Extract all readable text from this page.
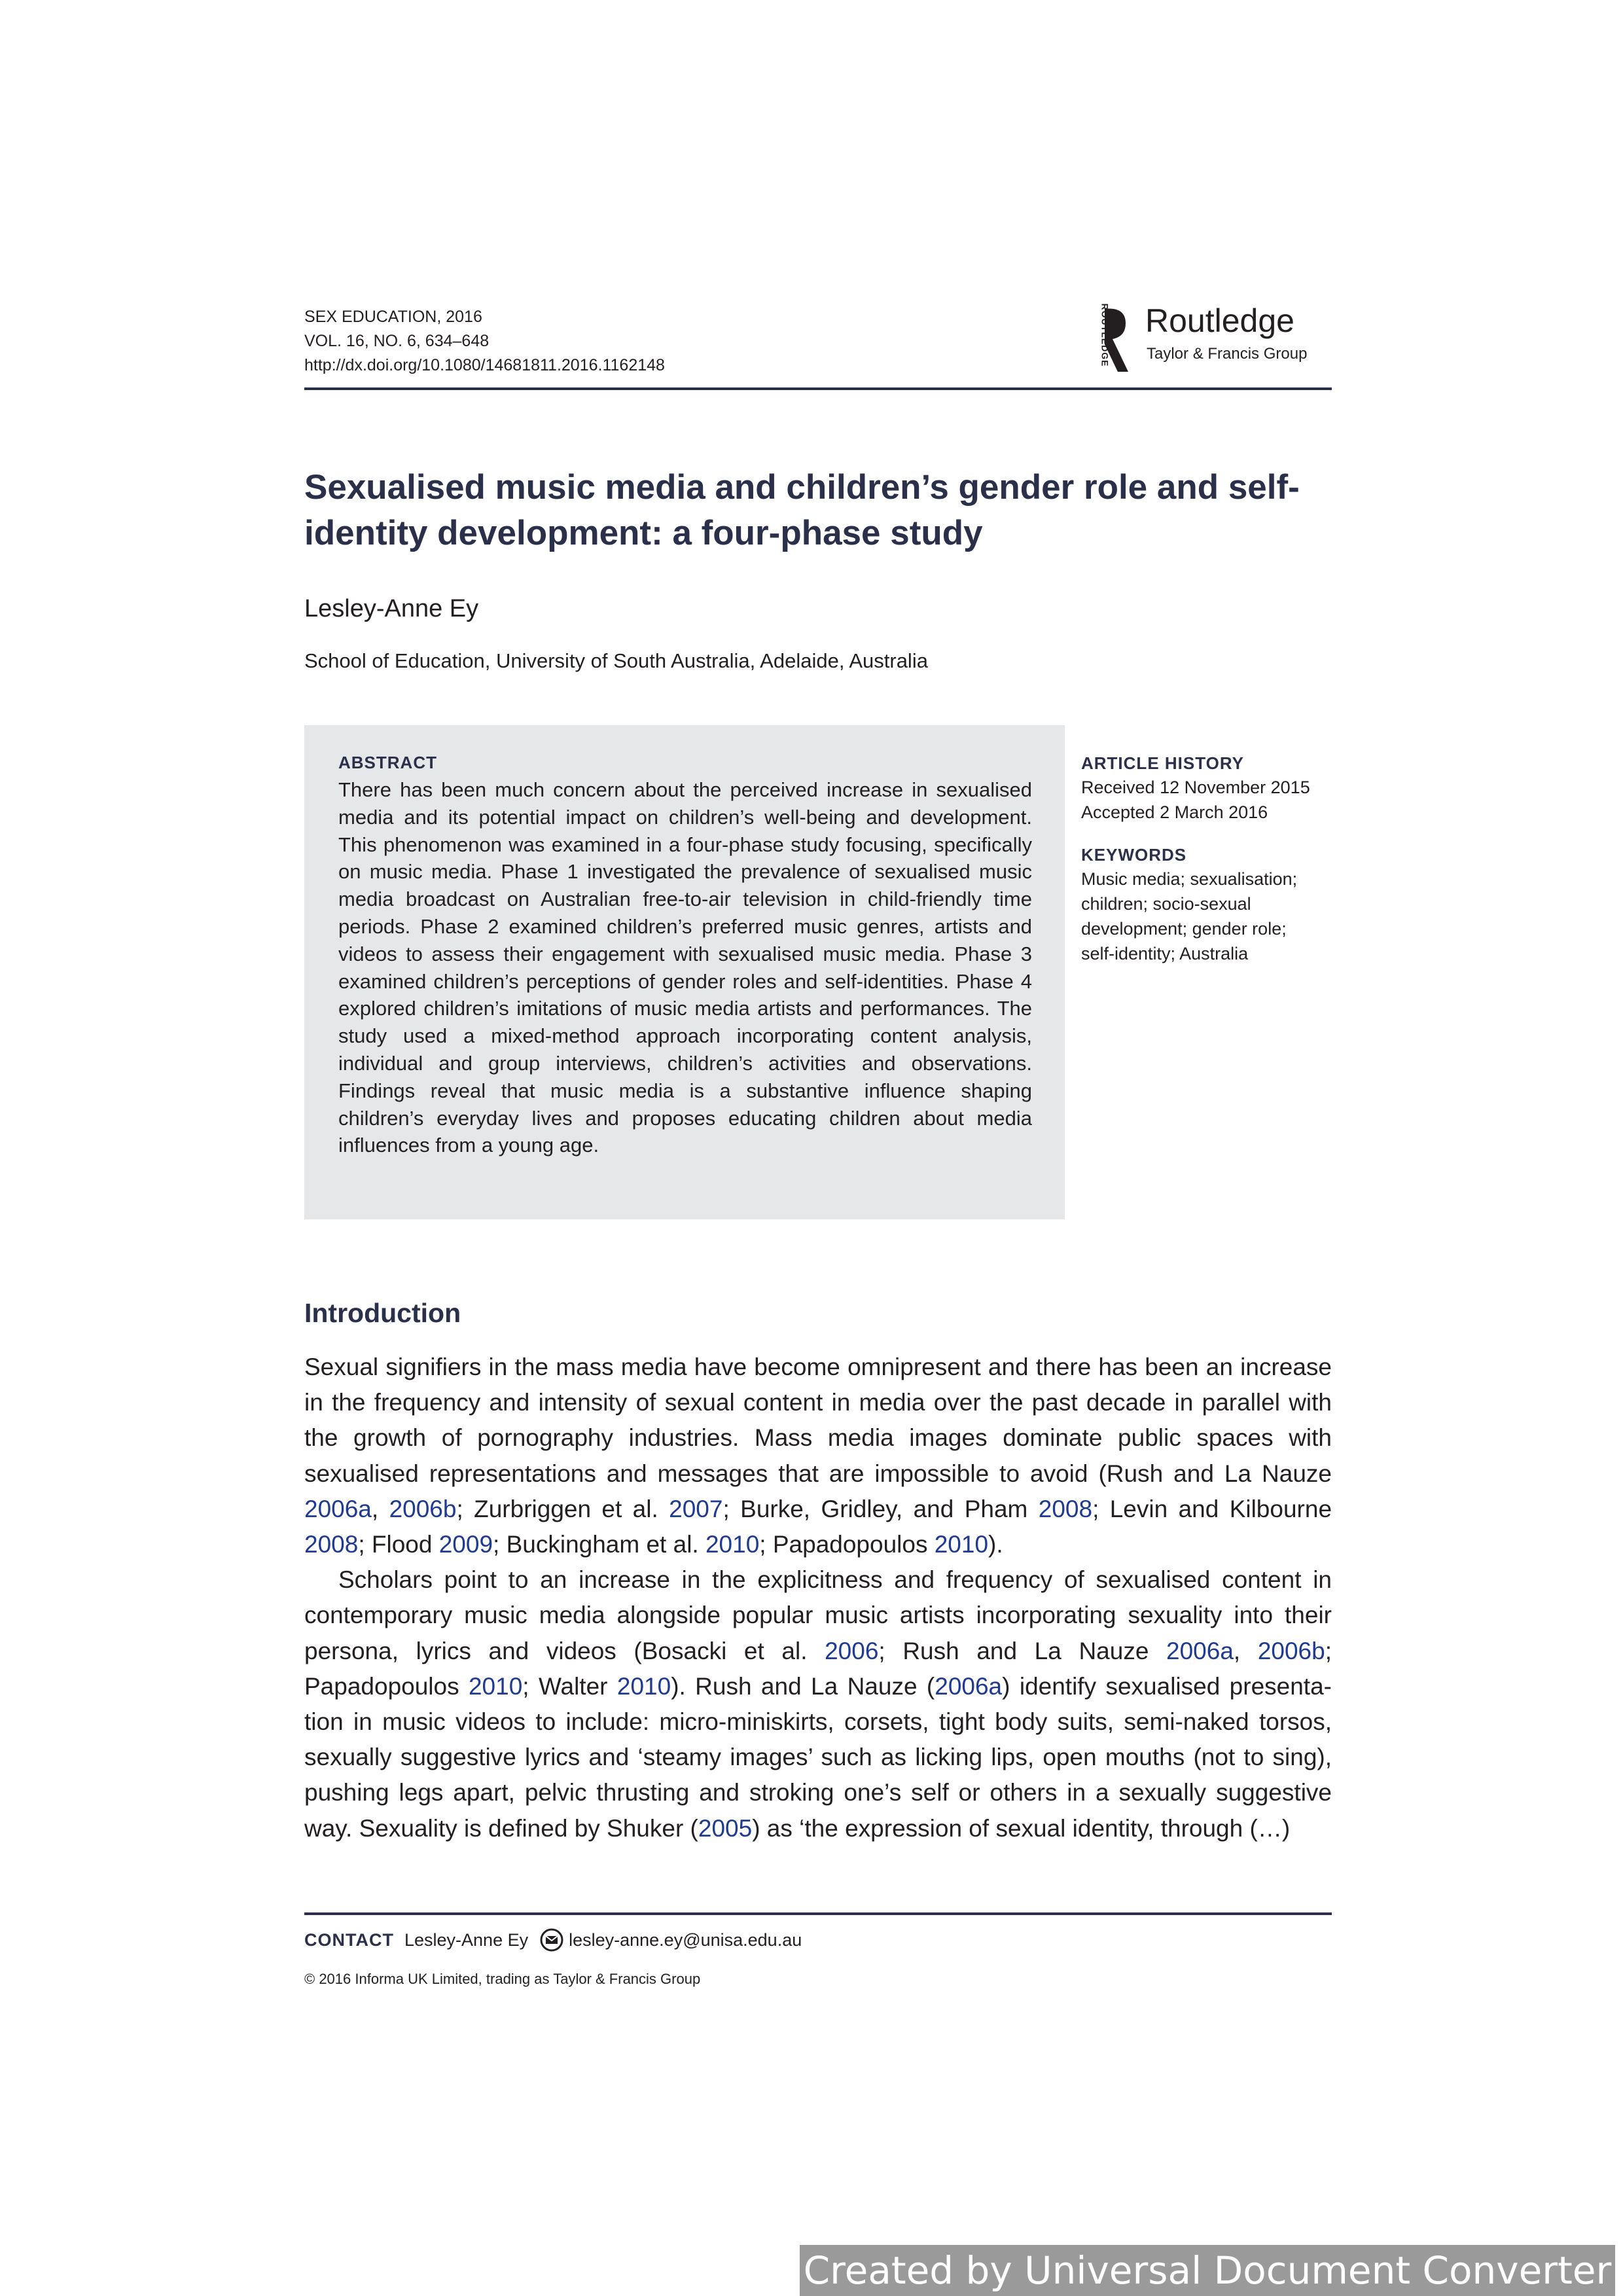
SEX EDUCATION, 2016
VOL. 16, NO. 6, 634–648
http://dx.doi.org/10.1080/14681811.2016.1162148	ROUTLEDGE Routledge
Taylor & Francis Group
Sexualised music media and children’s gender role and self-identity development: a four-phase study
Lesley-Anne Ey
School of Education, University of South Australia, Adelaide, Australia
ABSTRACT
There has been much concern about the perceived increase in sexualised media and its potential impact on children’s well-being and development. This phenomenon was examined in a four-phase study focusing, specifically on music media. Phase 1 investigated the prevalence of sexualised music media broadcast on Australian free-to-air television in child-friendly time periods. Phase 2 examined children’s preferred music genres, artists and videos to assess their engagement with sexualised music media. Phase 3 examined children’s perceptions of gender roles and self-identities. Phase 4 explored children’s imitations of music media artists and performances. The study used a mixed-method approach incorporating content analysis, individual and group interviews, children’s activities and observations. Findings reveal that music media is a substantive influence shaping children’s everyday lives and proposes educating children about media influences from a young age.
ARTICLE HISTORY
Received 12 November 2015
Accepted 2 March 2016
KEYWORDS
Music media; sexualisation;
children; socio-sexual
development; gender role;
self-identity; Australia
Introduction

Sexual signifiers in the mass media have become omnipresent and there has been an increase in the frequency and intensity of sexual content in media over the past decade in parallel with the growth of pornography industries. Mass media images dominate public spaces with sexualised representations and messages that are impossible to avoid (Rush and La Nauze 2006a, 2006b; Zurbriggen et al. 2007; Burke, Gridley, and Pham 2008; Levin and Kilbourne 2008; Flood 2009; Buckingham et al. 2010; Papadopoulos 2010).

Scholars point to an increase in the explicitness and frequency of sexualised content in contemporary music media alongside popular music artists incorporating sexuality into their persona, lyrics and videos (Bosacki et al. 2006; Rush and La Nauze 2006a, 2006b; Papadopoulos 2010; Walter 2010). Rush and La Nauze (2006a) identify sexualised presentation in music videos to include: micro-miniskirts, corsets, tight body suits, semi-naked torsos, sexually suggestive lyrics and ‘steamy images’ such as licking lips, open mouths (not to sing), pushing legs apart, pelvic thrusting and stroking one’s self or others in a sexually suggestive way. Sexuality is defined by Shuker (2005) as ‘the expression of sexual identity, through (…)

CONTACT Lesley-Anne Ey lesley-anne.ey@unisa.edu.au
© 2016 Informa UK Limited, trading as Taylor & Francis Group
Created by Universal Document Converter
